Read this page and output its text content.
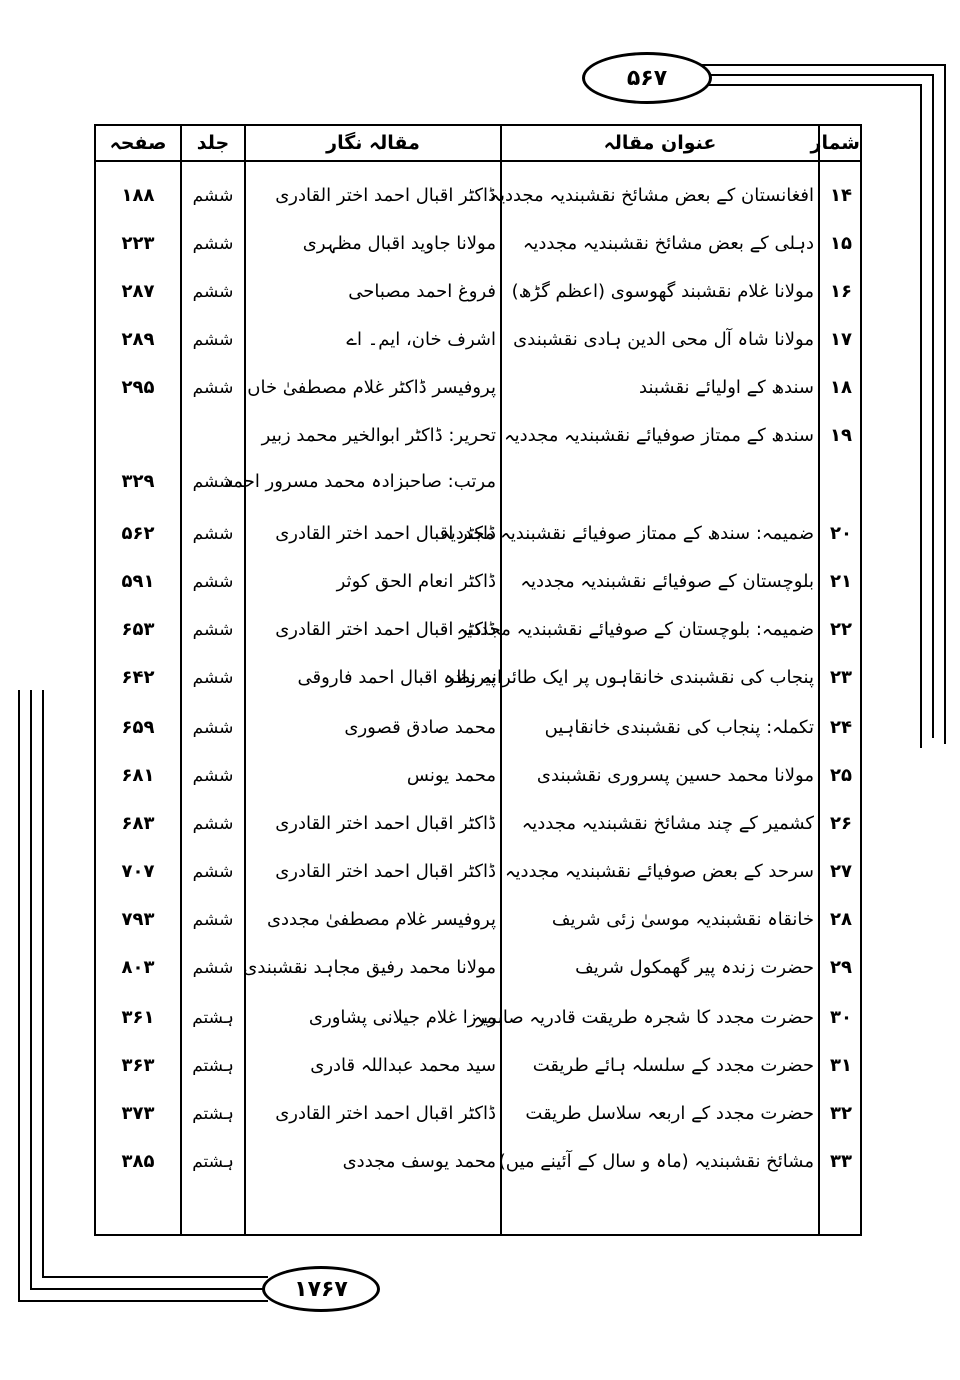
۵۶۷
۱۷۶۷
شمار
عنوان مقالہ
مقالہ نگار
جلد
صفحہ
۱۴
افغانستان کے بعض مشائخ نقشبندیہ مجددیہ
ڈاکٹر اقبال احمد اختر القادری
ششم
۱۸۸
۱۵
دہلی کے بعض مشائخ نقشبندیہ مجددیہ
مولانا جاوید اقبال مظہری
ششم
۲۲۳
۱۶
مولانا غلام نقشبند گھوسوی (اعظم گڑھ)
فروغ احمد مصباحی
ششم
۲۸۷
۱۷
مولانا شاہ آل محی الدین ہادی نقشبندی
اشرف خان، ایم۔ اے
ششم
۲۸۹
۱۸
سندھ کے اولیائے نقشبند
پروفیسر ڈاکٹر غلام مصطفیٰ خاں
ششم
۲۹۵
۱۹
سندھ کے ممتاز صوفیائے نقشبندیہ مجددیہ
تحریر: ڈاکٹر ابوالخیر محمد زبیر
مرتب: صاحبزادہ محمد مسرور احمد
ششم
۳۲۹
۲۰
ضمیمہ: سندھ کے ممتاز صوفیائے نقشبندیہ مجددیہ
ڈاکٹر اقبال احمد اختر القادری
ششم
۵۶۲
۲۱
بلوچستان کے صوفیائے نقشبندیہ مجددیہ
ڈاکٹر انعام الحق کوثر
ششم
۵۹۱
۲۲
ضمیمہ: بلوچستان کے صوفیائے نقشبندیہ مجددیہ
ڈاکٹر اقبال احمد اختر القادری
ششم
۶۵۳
۲۳
پنجاب کی نقشبندی خانقاہوں پر ایک طائرانہ نظر
پیرزادہ اقبال احمد فاروقی
ششم
۶۴۲
۲۴
تکملہ: پنجاب کی نقشبندی خانقاہیں
محمد صادق قصوری
ششم
۶۵۹
۲۵
مولانا محمد حسین پسروری نقشبندی
محمد یونس
ششم
۶۸۱
۲۶
کشمیر کے چند مشائخ نقشبندیہ مجددیہ
ڈاکٹر اقبال احمد اختر القادری
ششم
۶۸۳
۲۷
سرحد کے بعض صوفیائے نقشبندیہ مجددیہ
ڈاکٹر اقبال احمد اختر القادری
ششم
۷۰۷
۲۸
خانقاہ نقشبندیہ موسیٰ زئی شریف
پروفیسر غلام مصطفیٰ مجددی
ششم
۷۹۳
۲۹
حضرت زندہ پیر گھمکول شریف
مولانا محمد رفیق مجاہد نقشبندی
ششم
۸۰۳
۳۰
حضرت مجدد کا شجرہ طریقت قادریہ صابریہ
مرزا غلام جیلانی پشاوری
ہشتم
۳۶۱
۳۱
حضرت مجدد کے سلسلہ ہائے طریقت
سید محمد عبداللہ قادری
ہشتم
۳۶۳
۳۲
حضرت مجدد کے اربعہ سلاسل طریقت
ڈاکٹر اقبال احمد اختر القادری
ہشتم
۳۷۳
۳۳
مشائخ نقشبندیہ (ماہ و سال کے آئینے میں)
محمد یوسف مجددی
ہشتم
۳۸۵
